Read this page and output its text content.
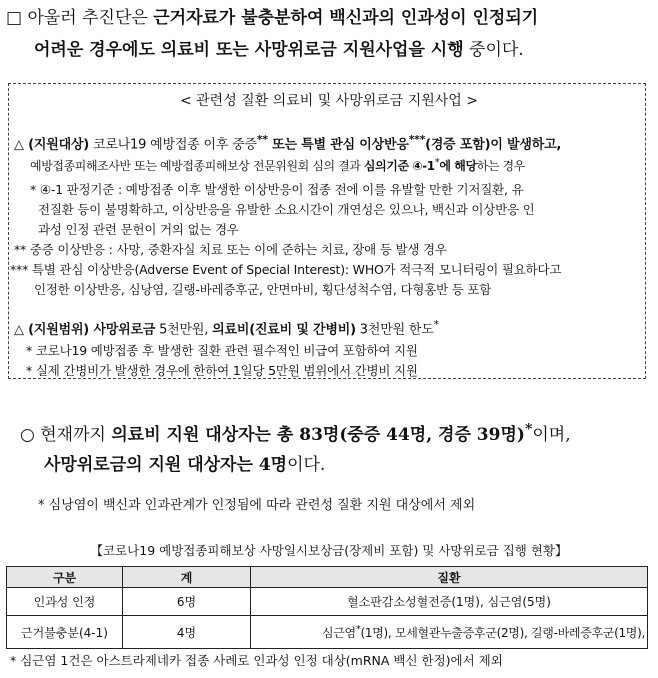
□ 아울러 추진단은 근거자료가 불충분하여 백신과의 인과성이 인정되기
어려운 경우에도 의료비 또는 사망위로금 지원사업을 시행 중이다.
< 관련성 질환 의료비 및 사망위로금 지원사업 >
△ (지원대상) 코로나19 예방접종 이후 중증** 또는 특별 관심 이상반응***(경증 포함)이 발생하고,
예방접종피해조사반 또는 예방접종피해보상 전문위원회 심의 결과 심의기준 ④-1*에 해당하는 경우
* ④-1 판정기준 : 예방접종 이후 발생한 이상반응이 접종 전에 이를 유발할 만한 기저질환, 유
전질환 등이 불명확하고, 이상반응을 유발한 소요시간이 개연성은 있으나, 백신과 이상반응 인
과성 인정 관련 문헌이 거의 없는 경우
** 중증 이상반응 : 사망, 중환자실 치료 또는 이에 준하는 치료, 장애 등 발생 경우
*** 특별 관심 이상반응(Adverse Event of Special Interest): WHO가 적극적 모니터링이 필요하다고
인정한 이상반응, 심낭염, 길랭-바레증후군, 안면마비, 횡단성척수염, 다형홍반 등 포함
△ (지원범위) 사망위로금 5천만원, 의료비(진료비 및 간병비) 3천만원 한도*
* 코로나19 예방접종 후 발생한 질환 관련 필수적인 비급여 포함하여 지원
* 실제 간병비가 발생한 경우에 한하여 1일당 5만원 범위에서 간병비 지원
○ 현재까지 의료비 지원 대상자는 총 83명(중증 44명, 경증 39명)*이며,
사망위로금의 지원 대상자는 4명이다.
* 심낭염이 백신과 인과관계가 인정됨에 따라 관련성 질환 지원 대상에서 제외
【코로나19 예방접종피해보상 사망일시보상금(장제비 포함) 및 사망위로금 집행 현황】
구분	계	질환
인과성 인정	6명	혈소판감소성혈전증(1명), 심근염(5명)
근거불충분(4-1)	4명	심근염*(1명), 모세혈관누출증후군(2명), 길랭-바레증후군(1명),
* 심근염 1건은 아스트라제네카 접종 사례로 인과성 인정 대상(mRNA 백신 한정)에서 제외
